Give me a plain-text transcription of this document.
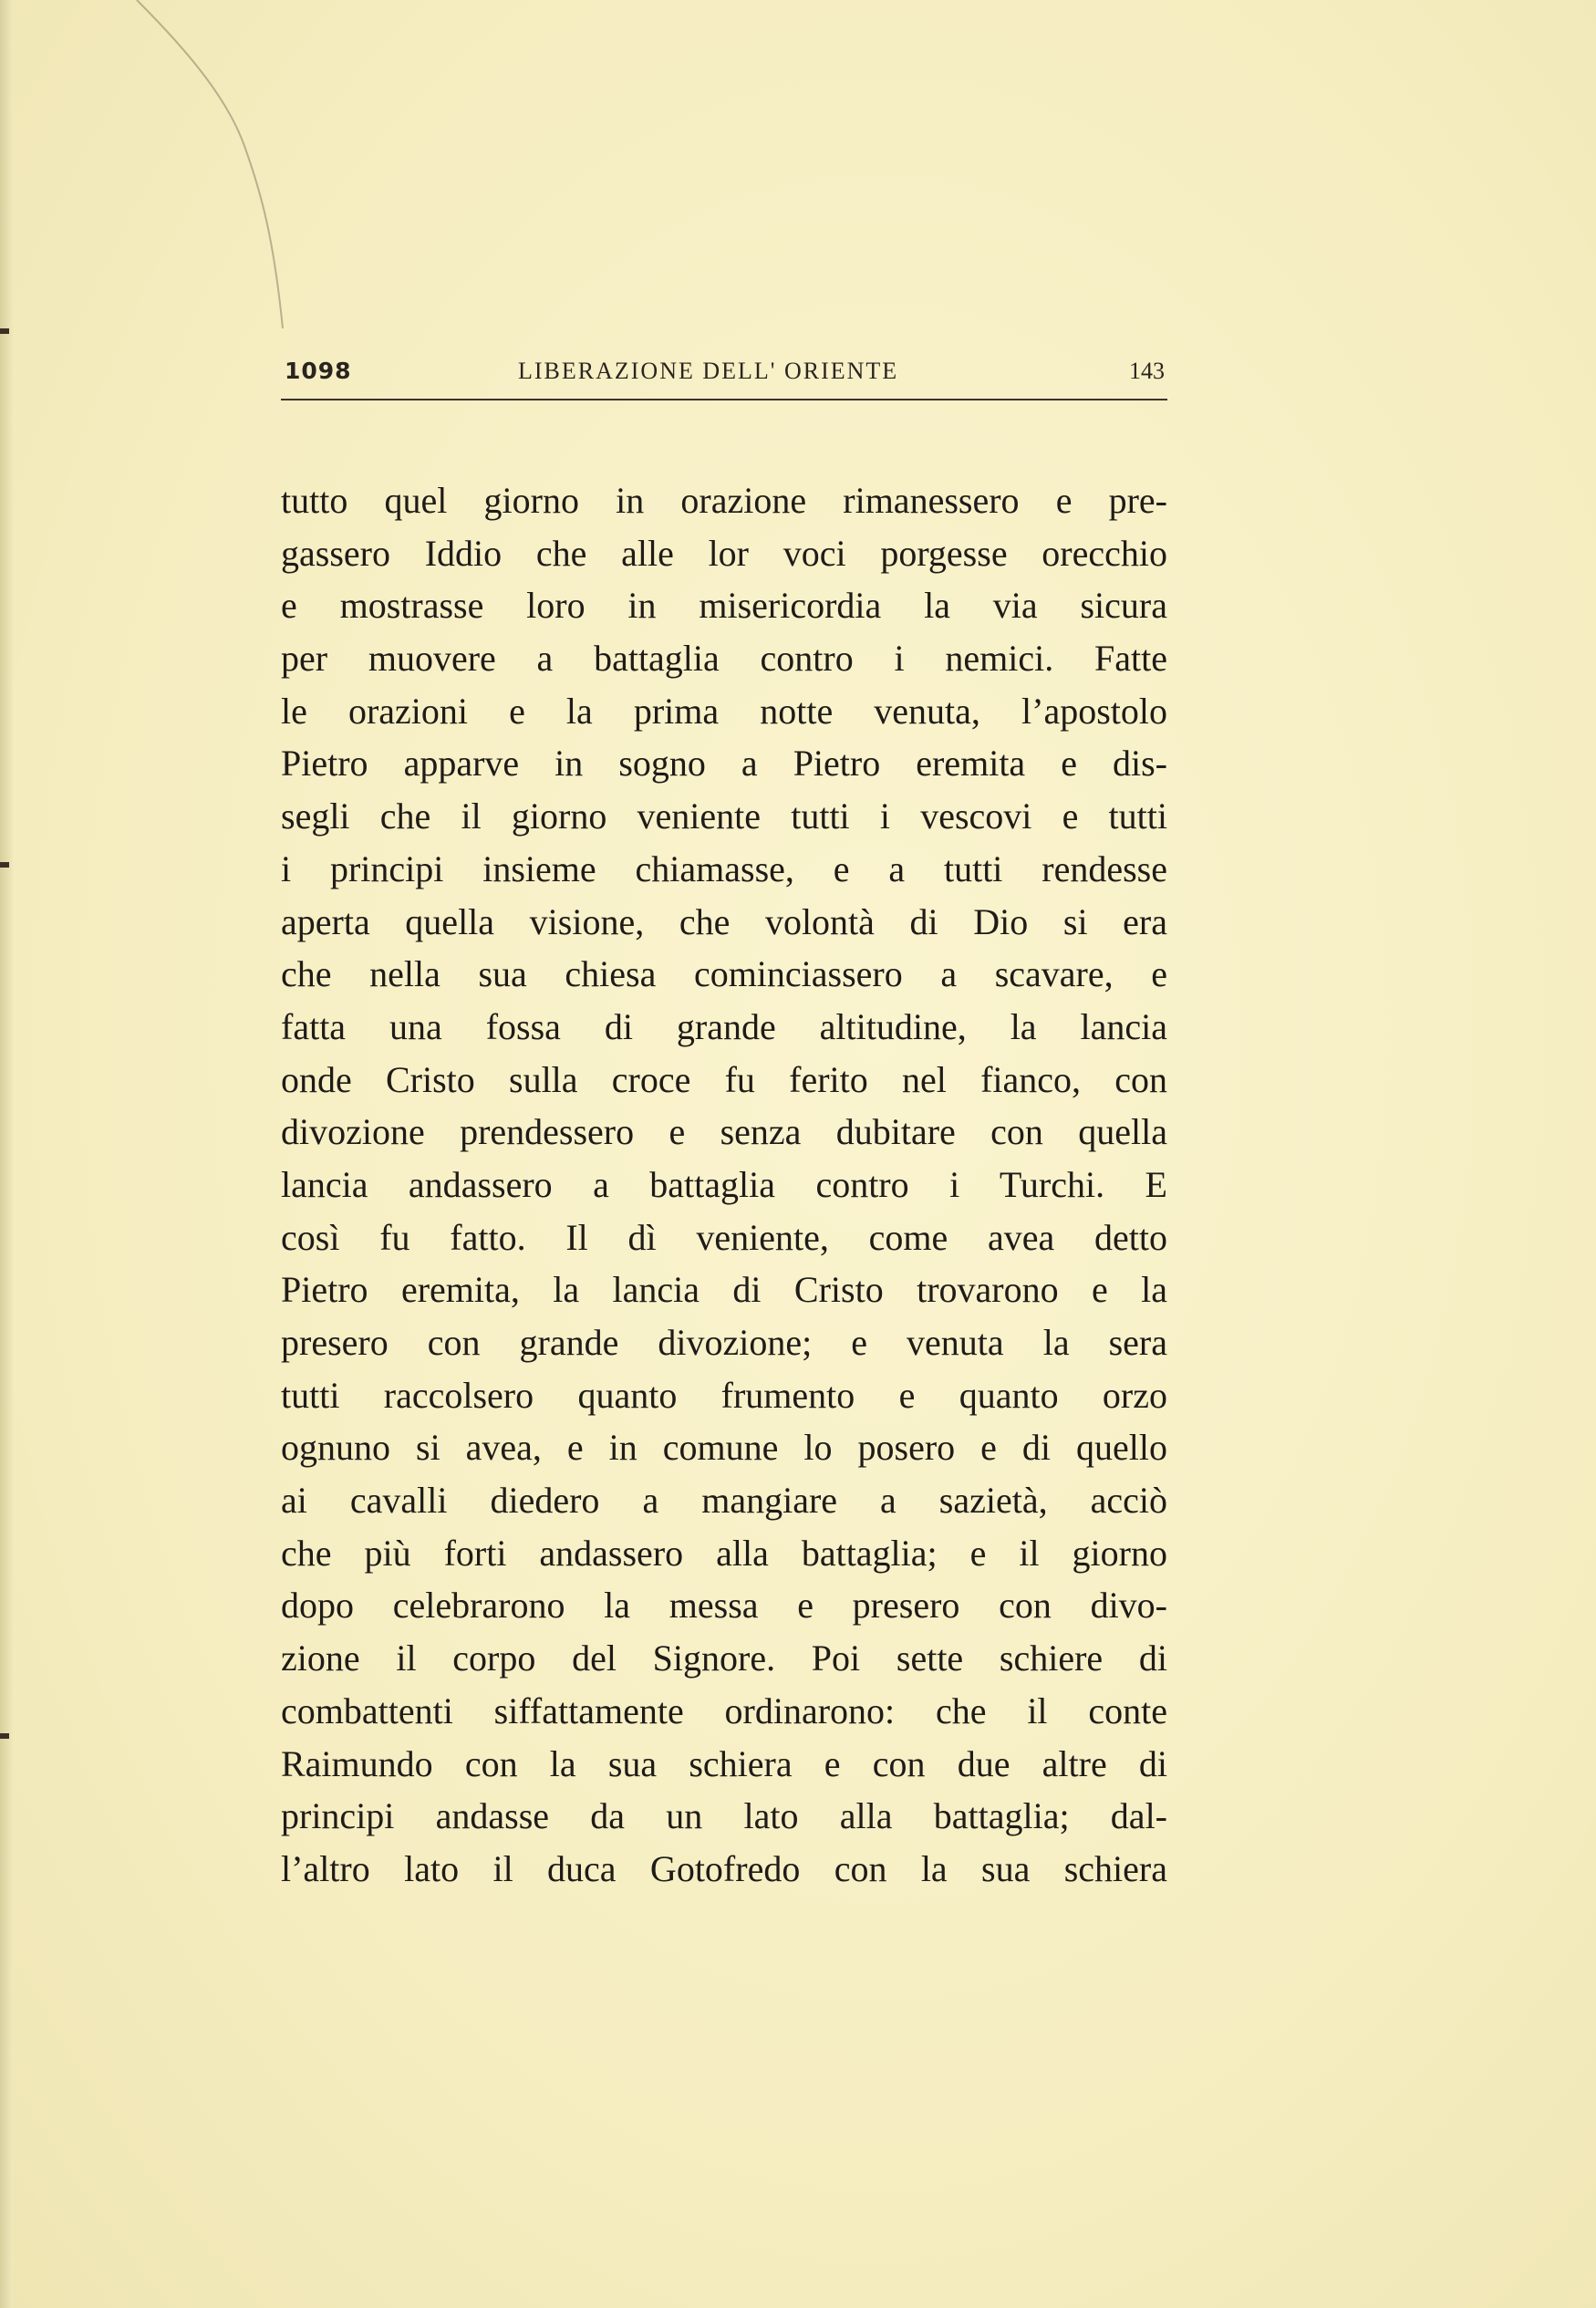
1098	LIBERAZIONE DELL' ORIENTE	143
tutto quel giorno in orazione rimanessero e pre-
gassero Iddio che alle lor voci porgesse orecchio
e mostrasse loro in misericordia la via sicura
per muovere a battaglia contro i nemici. Fatte
le orazioni e la prima notte venuta, l’apostolo
Pietro apparve in sogno a Pietro eremita e dis-
segli che il giorno veniente tutti i vescovi e tutti
i principi insieme chiamasse, e a tutti rendesse
aperta quella visione, che volontà di Dio si era
che nella sua chiesa cominciassero a scavare, e
fatta una fossa di grande altitudine, la lancia
onde Cristo sulla croce fu ferito nel fianco, con
divozione prendessero e senza dubitare con quella
lancia andassero a battaglia contro i Turchi. E
così fu fatto. Il dì veniente, come avea detto
Pietro eremita, la lancia di Cristo trovarono e la
presero con grande divozione; e venuta la sera
tutti raccolsero quanto frumento e quanto orzo
ognuno si avea, e in comune lo posero e di quello
ai cavalli diedero a mangiare a sazietà, acciò
che più forti andassero alla battaglia; e il giorno
dopo celebrarono la messa e presero con divo-
zione il corpo del Signore. Poi sette schiere di
combattenti siffattamente ordinarono: che il conte
Raimundo con la sua schiera e con due altre di
principi andasse da un lato alla battaglia; dal-
l’altro lato il duca Gotofredo con la sua schiera
